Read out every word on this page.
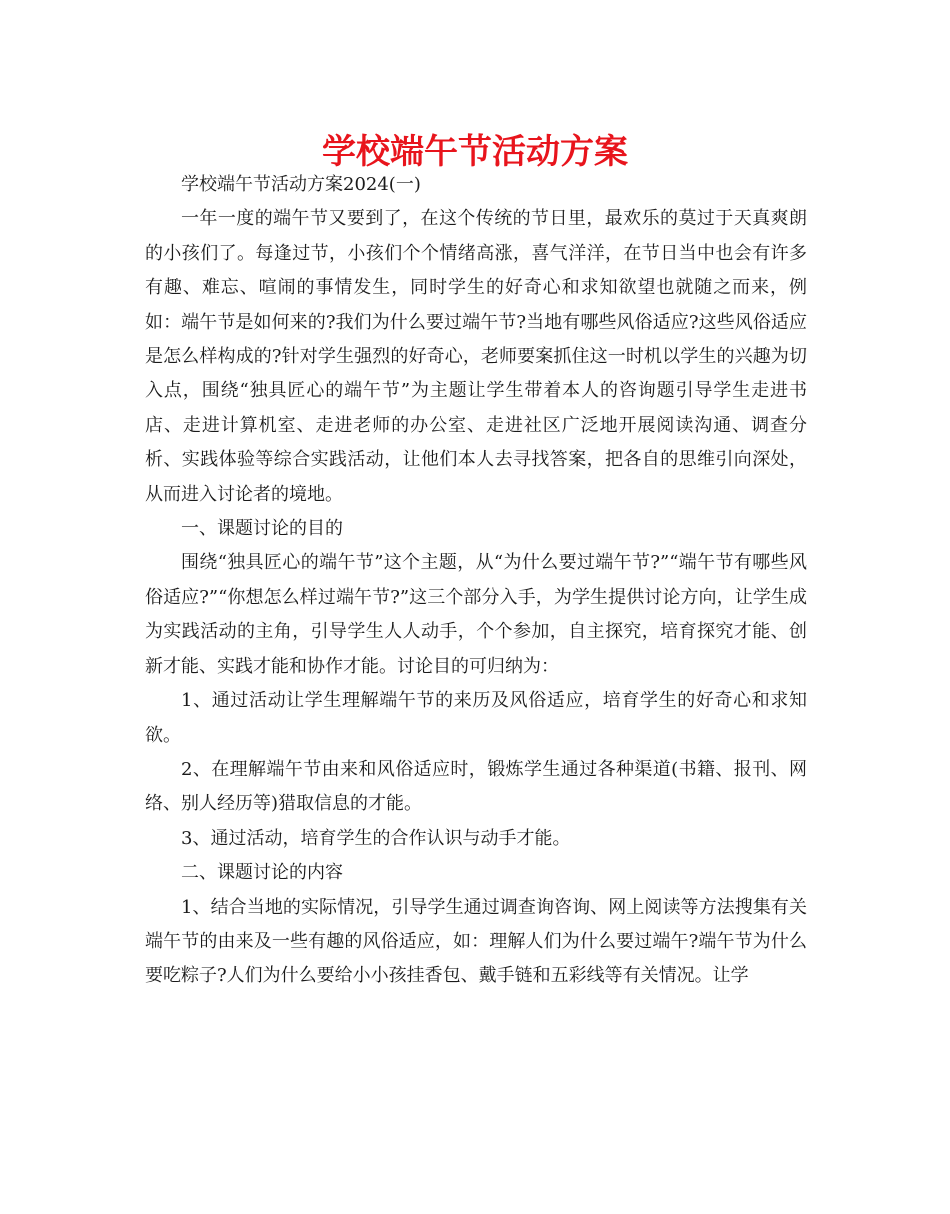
学校端午节活动方案

学校端午节活动方案2024(一)

一年一度的端午节又要到了，在这个传统的节日里，最欢乐的莫过于天真爽朗的小孩们了。每逢过节，小孩们个个情绪高涨，喜气洋洋，在节日当中也会有许多有趣、难忘、喧闹的事情发生，同时学生的好奇心和求知欲望也就随之而来，例如：端午节是如何来的?我们为什么要过端午节?当地有哪些风俗适应?这些风俗适应是怎么样构成的?针对学生强烈的好奇心，老师要案抓住这一时机以学生的兴趣为切入点，围绕“独具匠心的端午节”为主题让学生带着本人的咨询题引导学生走进书店、走进计算机室、走进老师的办公室、走进社区广泛地开展阅读沟通、调查分析、实践体验等综合实践活动，让他们本人去寻找答案，把各自的思维引向深处，从而进入讨论者的境地。

一、课题讨论的目的

围绕“独具匠心的端午节”这个主题，从“为什么要过端午节?”“端午节有哪些风俗适应?”“你想怎么样过端午节?”这三个部分入手，为学生提供讨论方向，让学生成为实践活动的主角，引导学生人人动手，个个参加，自主探究，培育探究才能、创新才能、实践才能和协作才能。讨论目的可归纳为：

1、通过活动让学生理解端午节的来历及风俗适应，培育学生的好奇心和求知欲。

2、在理解端午节由来和风俗适应时，锻炼学生通过各种渠道(书籍、报刊、网络、别人经历等)猎取信息的才能。

3、通过活动，培育学生的合作认识与动手才能。

二、课题讨论的内容

1、结合当地的实际情况，引导学生通过调查询咨询、网上阅读等方法搜集有关端午节的由来及一些有趣的风俗适应，如：理解人们为什么要过端午?端午节为什么要吃粽子?人们为什么要给小小孩挂香包、戴手链和五彩线等有关情况。让学
